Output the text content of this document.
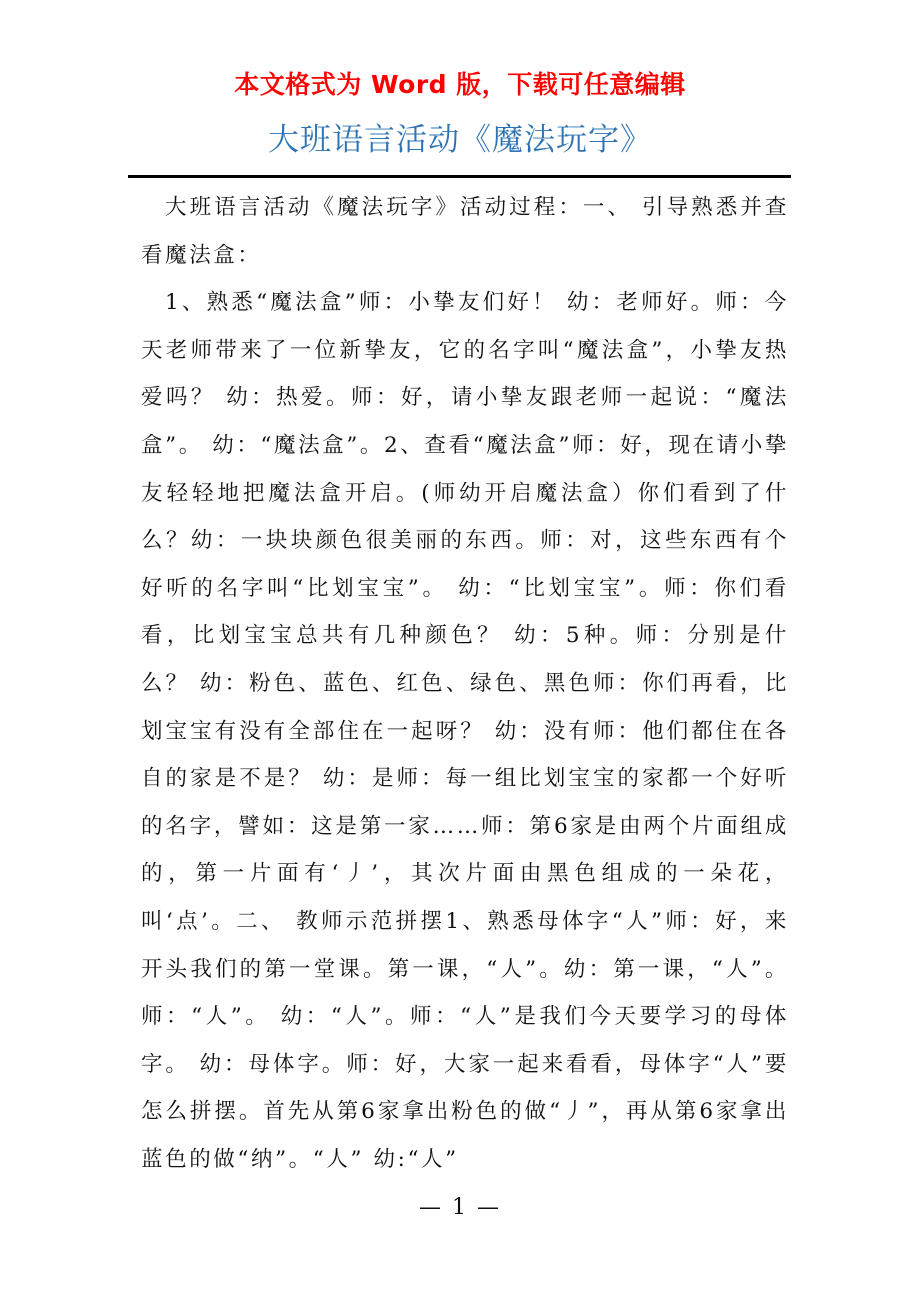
本文格式为 Word 版，下载可任意编辑
大班语言活动《魔法玩字》

大班语言活动《魔法玩字》活动过程：一、 引导熟悉并查看魔法盒：

1、熟悉“魔法盒”师：小挚友们好！ 幼：老师好。师：今天老师带来了一位新挚友，它的名字叫“魔法盒”，小挚友热爱吗？ 幼：热爱。师：好，请小挚友跟老师一起说：“魔法盒”。 幼：“魔法盒”。2、查看“魔法盒”师：好，现在请小挚友轻轻地把魔法盒开启。(师幼开启魔法盒）你们看到了什么？幼：一块块颜色很美丽的东西。师：对，这些东西有个好听的名字叫“比划宝宝”。 幼：“比划宝宝”。师：你们看看，比划宝宝总共有几种颜色？ 幼：5种。师：分别是什么？ 幼：粉色、蓝色、红色、绿色、黑色师：你们再看，比划宝宝有没有全部住在一起呀？ 幼：没有师：他们都住在各自的家是不是？ 幼：是师：每一组比划宝宝的家都一个好听的名字，譬如：这是第一家……师：第6家是由两个片面组成的，第一片面有‘丿’，其次片面由黑色组成的一朵花，叫‘点’。二、 教师示范拼摆1、熟悉母体字“人”师：好，来开头我们的第一堂课。第一课，“人”。幼：第一课，“人”。师：“人”。 幼：“人”。师：“人”是我们今天要学习的母体字。 幼：母体字。师：好，大家一起来看看，母体字“人”要怎么拼摆。首先从第6家拿出粉色的做“丿”，再从第6家拿出蓝色的做“纳”。“人” 幼:“人”

— 1 —
